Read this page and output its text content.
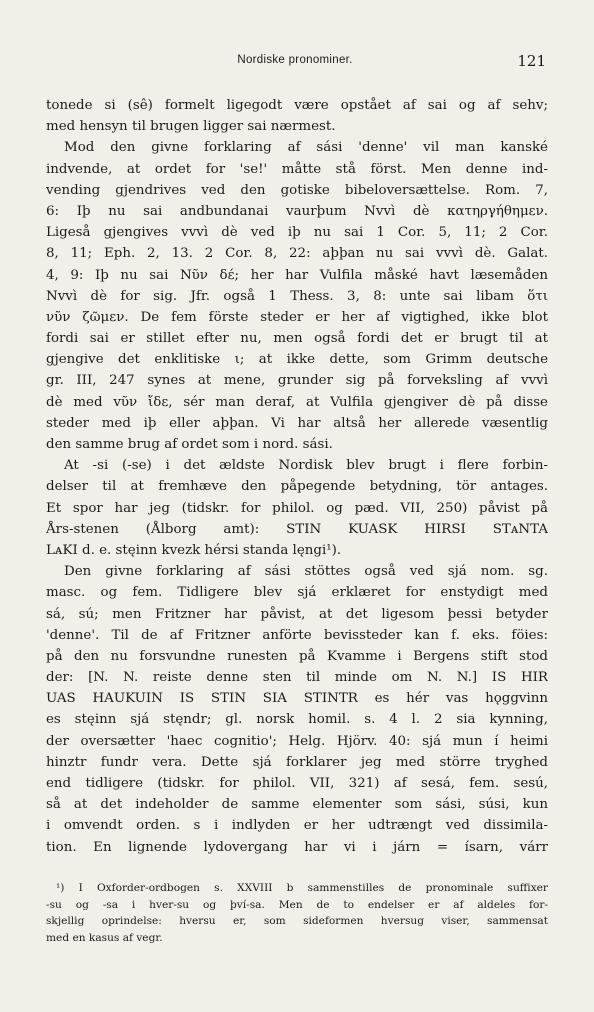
Nordiske pronominer.	121
tonede si (sê) formelt ligegodt være opstået af sai og af sehv;
med hensyn til brugen ligger sai nærmest.
Mod den givne forklaring af sási 'denne' vil man kanské
indvende, at ordet for 'se!' måtte stå först. Men denne ind-
vending gjendrives ved den gotiske bibeloversættelse. Rom. 7,
6: Iþ nu sai andbundanai vaurþum Nvvì dè κατηργήθημεν.
Ligeså gjengives vvvì dè ved iþ nu sai 1 Cor. 5, 11; 2 Cor.
8, 11; Eph. 2, 13. 2 Cor. 8, 22: aþþan nu sai vvvì dè. Galat.
4, 9: Iþ nu sai Nῦν δέ; her har Vulfila måské havt læsemåden
Nvvì dè for sig. Jfr. også 1 Thess. 3, 8: unte sai libam ὅτι
νῦν ζῶμεν. De fem förste steder er her af vigtighed, ikke blot
fordi sai er stillet efter nu, men også fordi det er brugt til at
gjengive det enklitiske ι; at ikke dette, som Grimm deutsche
gr. III, 247 synes at mene, grunder sig på forveksling af vvvì
dè med vῦν ἴδε, sér man deraf, at Vulfila gjengiver dè på disse
steder med iþ eller aþþan. Vi har altså her allerede væsentlig
den samme brug af ordet som i nord. sási.
At -si (-se) i det ældste Nordisk blev brugt i flere forbin-
delser til at fremhæve den påpegende betydning, tör antages.
Et spor har jeg (tidskr. for philol. og pæd. VII, 250) påvist på
Års-stenen (Ålborg amt): STIN KUASK HIRSI STᴀNTA
LᴀKI d. e. stęinn kvezk hérsi standa lęngi¹).
Den givne forklaring af sási stöttes også ved sjá nom. sg.
masc. og fem. Tidligere blev sjá erklæret for enstydigt med
sá, sú; men Fritzner har påvist, at det ligesom þessi betyder
'denne'. Til de af Fritzner anförte bevissteder kan f. eks. föies:
på den nu forsvundne runesten på Kvamme i Bergens stift stod
der: [N. N. reiste denne sten til minde om N. N.] IS HIR
UAS HAUKUIN IS STIN SIA STINTR es hér vas hǫggvinn
es stęinn sjá stęndr; gl. norsk homil. s. 4 l. 2 sia kynning,
der oversætter 'haec cognitio'; Helg. Hjörv. 40: sjá mun í heimi
hinztr fundr vera. Dette sjá forklarer jeg med större tryghed
end tidligere (tidskr. for philol. VII, 321) af sesá, fem. sesú,
så at det indeholder de samme elementer som sási, súsi, kun
i omvendt orden. s i indlyden er her udtrængt ved dissimila-
tion. En lignende lydovergang har vi i járn = ísarn, várr
¹) I Oxforder-ordbogen s. XXVIII b sammenstilles de pronominale suffixer
-su og -sa i hver-su og því-sa. Men de to endelser er af aldeles for-
skjellig oprindelse: hversu er, som sideformen hversug viser, sammensat
med en kasus af vegr.
